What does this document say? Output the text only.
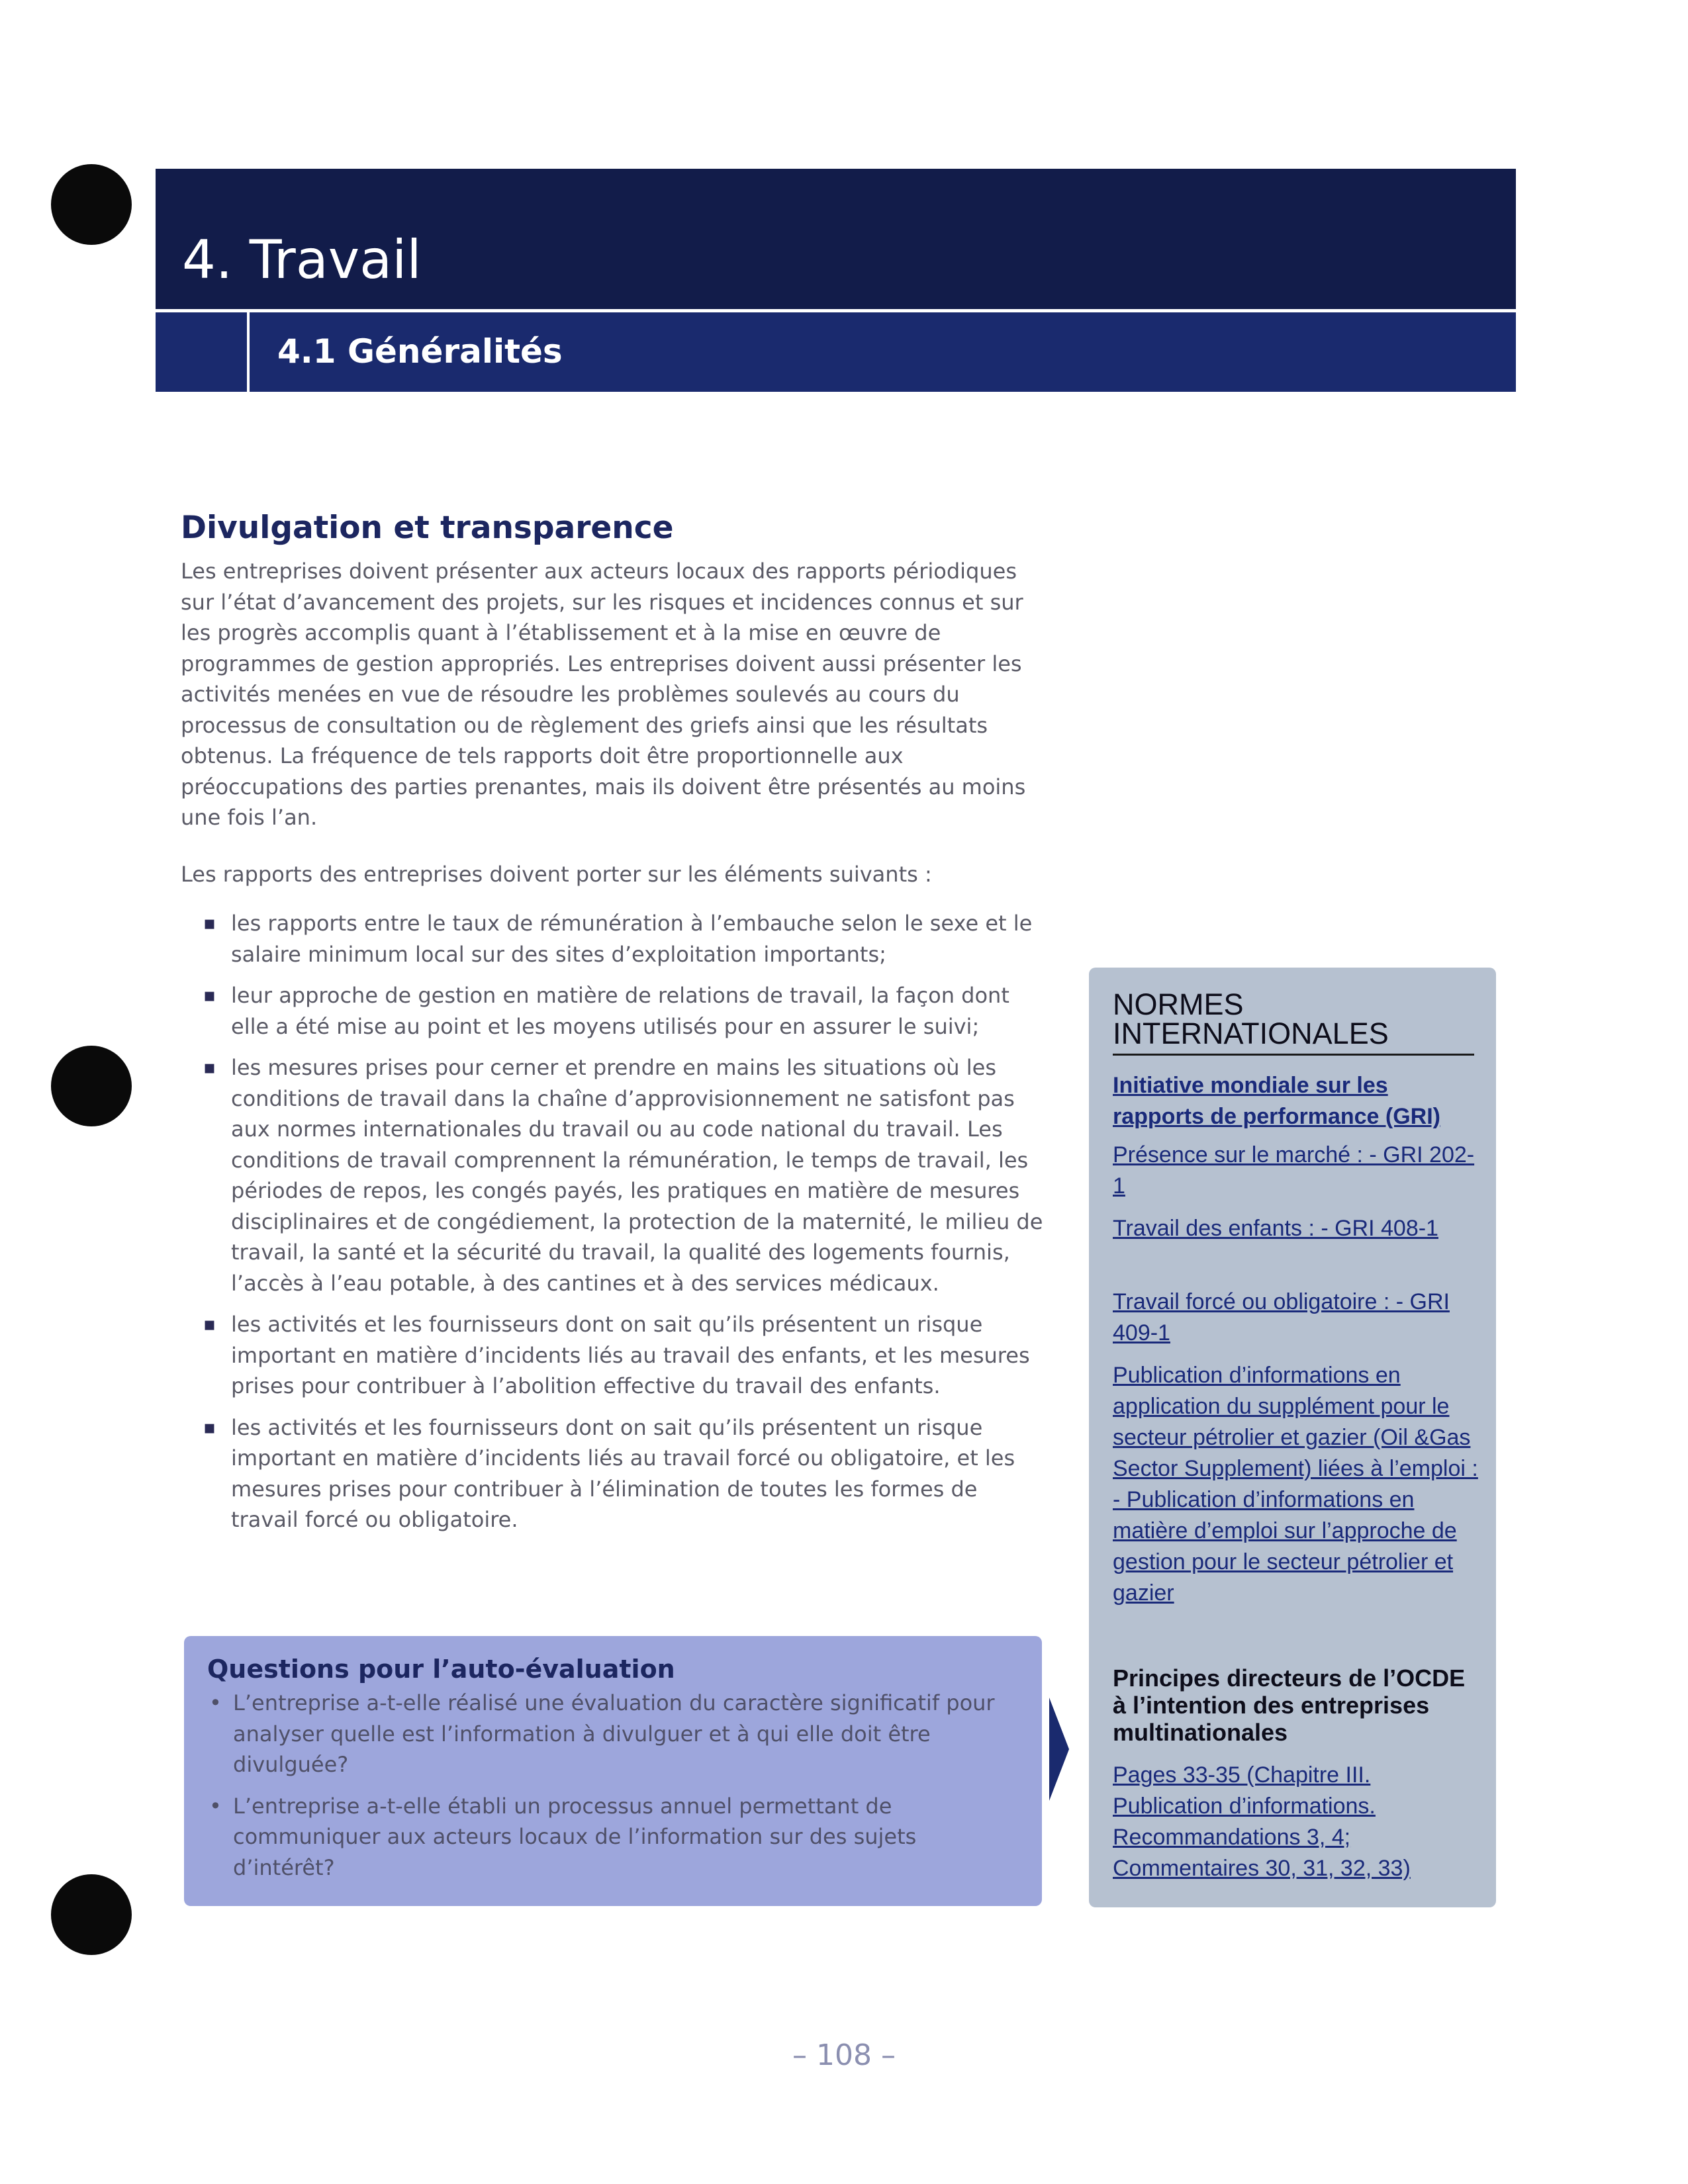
4. Travail
4.1 Généralités
Divulgation et transparence

Les entreprises doivent présenter aux acteurs locaux des rapports périodiques sur l’état d’avancement des projets, sur les risques et incidences connus et sur les progrès accomplis quant à l’établissement et à la mise en œuvre de programmes de gestion appropriés. Les entreprises doivent aussi présenter les activités menées en vue de résoudre les problèmes soulevés au cours du processus de consultation ou de règlement des griefs ainsi que les résultats obtenus. La fréquence de tels rapports doit être proportionnelle aux préoccupations des parties prenantes, mais ils doivent être présentés au moins une fois l’an.

Les rapports des entreprises doivent porter sur les éléments suivants :

▪ les rapports entre le taux de rémunération à l’embauche selon le sexe et le salaire minimum local sur des sites d’exploitation importants;
▪ leur approche de gestion en matière de relations de travail, la façon dont elle a été mise au point et les moyens utilisés pour en assurer le suivi;
▪ les mesures prises pour cerner et prendre en mains les situations où les conditions de travail dans la chaîne d’approvisionnement ne satisfont pas aux normes internationales du travail ou au code national du travail. Les conditions de travail comprennent la rémunération, le temps de travail, les périodes de repos, les congés payés, les pratiques en matière de mesures disciplinaires et de congédiement, la protection de la maternité, le milieu de travail, la santé et la sécurité du travail, la qualité des logements fournis, l’accès à l’eau potable, à des cantines et à des services médicaux.
▪ les activités et les fournisseurs dont on sait qu’ils présentent un risque important en matière d’incidents liés au travail des enfants, et les mesures prises pour contribuer à l’abolition effective du travail des enfants.
▪ les activités et les fournisseurs dont on sait qu’ils présentent un risque important en matière d’incidents liés au travail forcé ou obligatoire, et les mesures prises pour contribuer à l’élimination de toutes les formes de travail forcé ou obligatoire.
Questions pour l’auto-évaluation
• L’entreprise a-t-elle réalisé une évaluation du caractère significatif pour analyser quelle est l’information à divulguer et à qui elle doit être divulguée?
• L’entreprise a-t-elle établi un processus annuel permettant de communiquer aux acteurs locaux de l’information sur des sujets d’intérêt?
NORMES INTERNATIONALES
Initiative mondiale sur les rapports de performance (GRI)
Présence sur le marché : - GRI 202-1
Travail des enfants : - GRI 408-1
Travail forcé ou obligatoire : - GRI 409-1
Publication d’informations en application du supplément pour le secteur pétrolier et gazier (Oil &Gas Sector Supplement) liées à l’emploi : - Publication d’informations en matière d’emploi sur l’approche de gestion pour le secteur pétrolier et gazier
Principes directeurs de l’OCDE à l’intention des entreprises multinationales
Pages 33-35 (Chapitre III. Publication d’informations. Recommandations 3, 4; Commentaires 30, 31, 32, 33)
– 108 –
